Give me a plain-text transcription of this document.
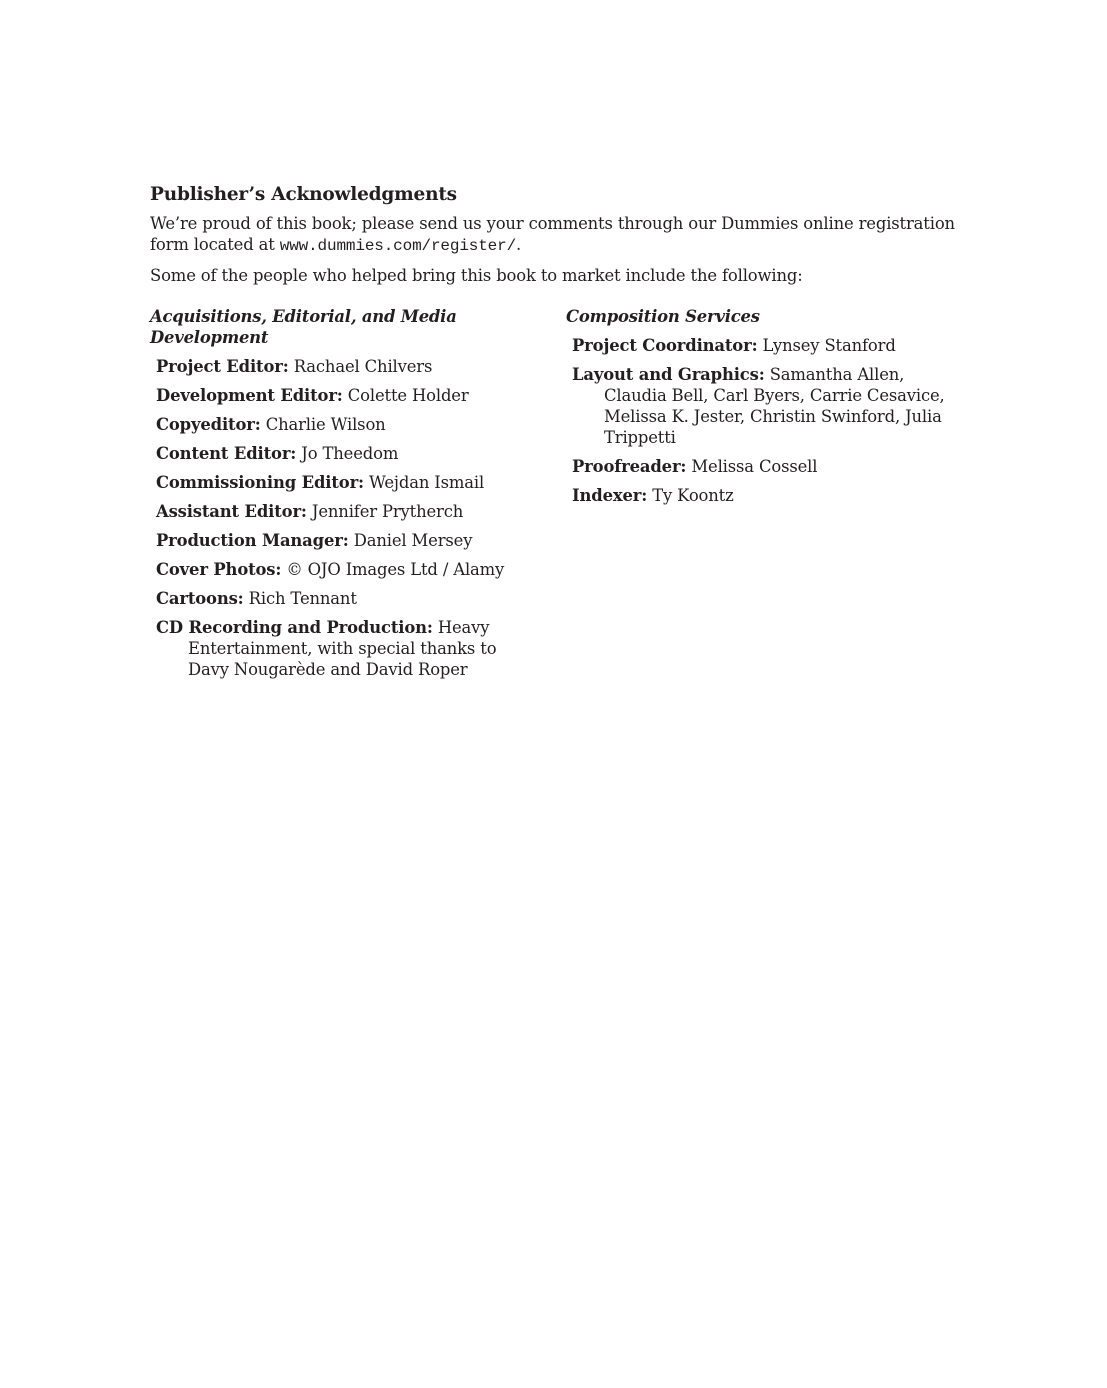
Publisher’s Acknowledgments

We’re proud of this book; please send us your comments through our Dummies online registration form located at www.dummies.com/register/.

Some of the people who helped bring this book to market include the following:

Acquisitions, Editorial, and Media Development
Project Editor: Rachael Chilvers
Development Editor: Colette Holder
Copyeditor: Charlie Wilson
Content Editor: Jo Theedom
Commissioning Editor: Wejdan Ismail
Assistant Editor: Jennifer Prytherch
Production Manager: Daniel Mersey
Cover Photos: © OJO Images Ltd / Alamy
Cartoons: Rich Tennant
CD Recording and Production: Heavy Entertainment, with special thanks to Davy Nougarède and David Roper
Composition Services
Project Coordinator: Lynsey Stanford
Layout and Graphics: Samantha Allen, Claudia Bell, Carl Byers, Carrie Cesavice, Melissa K. Jester, Christin Swinford, Julia Trippetti
Proofreader: Melissa Cossell
Indexer: Ty Koontz
